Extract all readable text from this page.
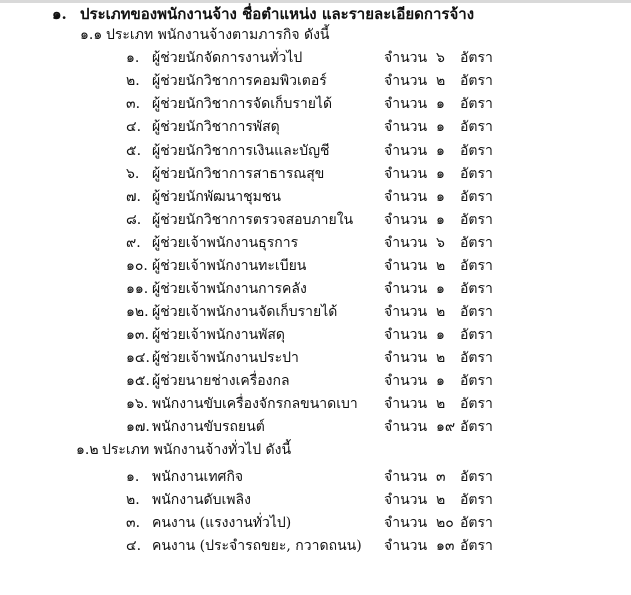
๑. ประเภทของพนักงานจ้าง ชื่อตำแหน่ง และรายละเอียดการจ้าง
๑.๑ ประเภท พนักงานจ้างตามภารกิจ ดังนี้
๑. ผู้ช่วยนักจัดการงานทั่วไป	จำนวน ๖ อัตรา
๒. ผู้ช่วยนักวิชาการคอมพิวเตอร์	จำนวน ๒ อัตรา
๓. ผู้ช่วยนักวิชาการจัดเก็บรายได้	จำนวน ๑ อัตรา
๔. ผู้ช่วยนักวิชาการพัสดุ	จำนวน ๑ อัตรา
๕. ผู้ช่วยนักวิชาการเงินและบัญชี	จำนวน ๑ อัตรา
๖. ผู้ช่วยนักวิชาการสาธารณสุข	จำนวน ๑ อัตรา
๗. ผู้ช่วยนักพัฒนาชุมชน	จำนวน ๑ อัตรา
๘. ผู้ช่วยนักวิชาการตรวจสอบภายใน จำนวน ๑ อัตรา
๙. ผู้ช่วยเจ้าพนักงานธุรการ	จำนวน ๖ อัตรา
๑๐. ผู้ช่วยเจ้าพนักงานทะเบียน	จำนวน ๒ อัตรา
๑๑. ผู้ช่วยเจ้าพนักงานการคลัง	จำนวน ๑ อัตรา
๑๒. ผู้ช่วยเจ้าพนักงานจัดเก็บรายได้	จำนวน ๒ อัตรา
๑๓. ผู้ช่วยเจ้าพนักงานพัสดุ	จำนวน ๑ อัตรา
๑๔. ผู้ช่วยเจ้าพนักงานประปา	จำนวน ๒ อัตรา
๑๕. ผู้ช่วยนายช่างเครื่องกล	จำนวน ๑ อัตรา
๑๖. พนักงานขับเครื่องจักรกลขนาดเบา จำนวน ๒ อัตรา
๑๗. พนักงานขับรถยนต์	จำนวน ๑๙ อัตรา
๑.๒ ประเภท พนักงานจ้างทั่วไป ดังนี้
๑. พนักงานเทศกิจ	จำนวน ๓ อัตรา
๒. พนักงานดับเพลิง	จำนวน ๒ อัตรา
๓. คนงาน (แรงงานทั่วไป)	จำนวน ๒๐ อัตรา
๔. คนงาน (ประจำรถขยะ, กวาดถนน) จำนวน ๑๓ อัตรา
